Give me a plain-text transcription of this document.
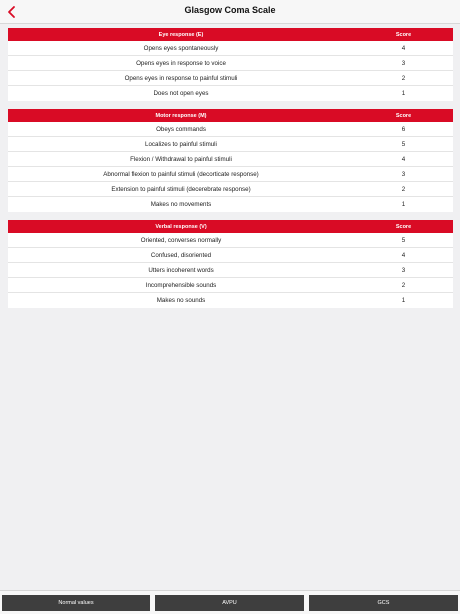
Glasgow Coma Scale
Eye response (E)	Score
Opens eyes spontaneously	4
Opens eyes in response to voice	3
Opens eyes in response to painful stimuli	2
Does not open eyes	1
Motor response (M)	Score
Obeys commands	6
Localizes to painful stimuli	5
Flexion / Withdrawal to painful stimuli	4
Abnormal flexion to painful stimuli (decorticate response)	3
Extension to painful stimuli (decerebrate response)	2
Makes no movements	1
Verbal response (V)	Score
Oriented, converses normally	5
Confused, disoriented	4
Utters incoherent words	3
Incomprehensible sounds	2
Makes no sounds	1
Normal values	AVPU	GCS
